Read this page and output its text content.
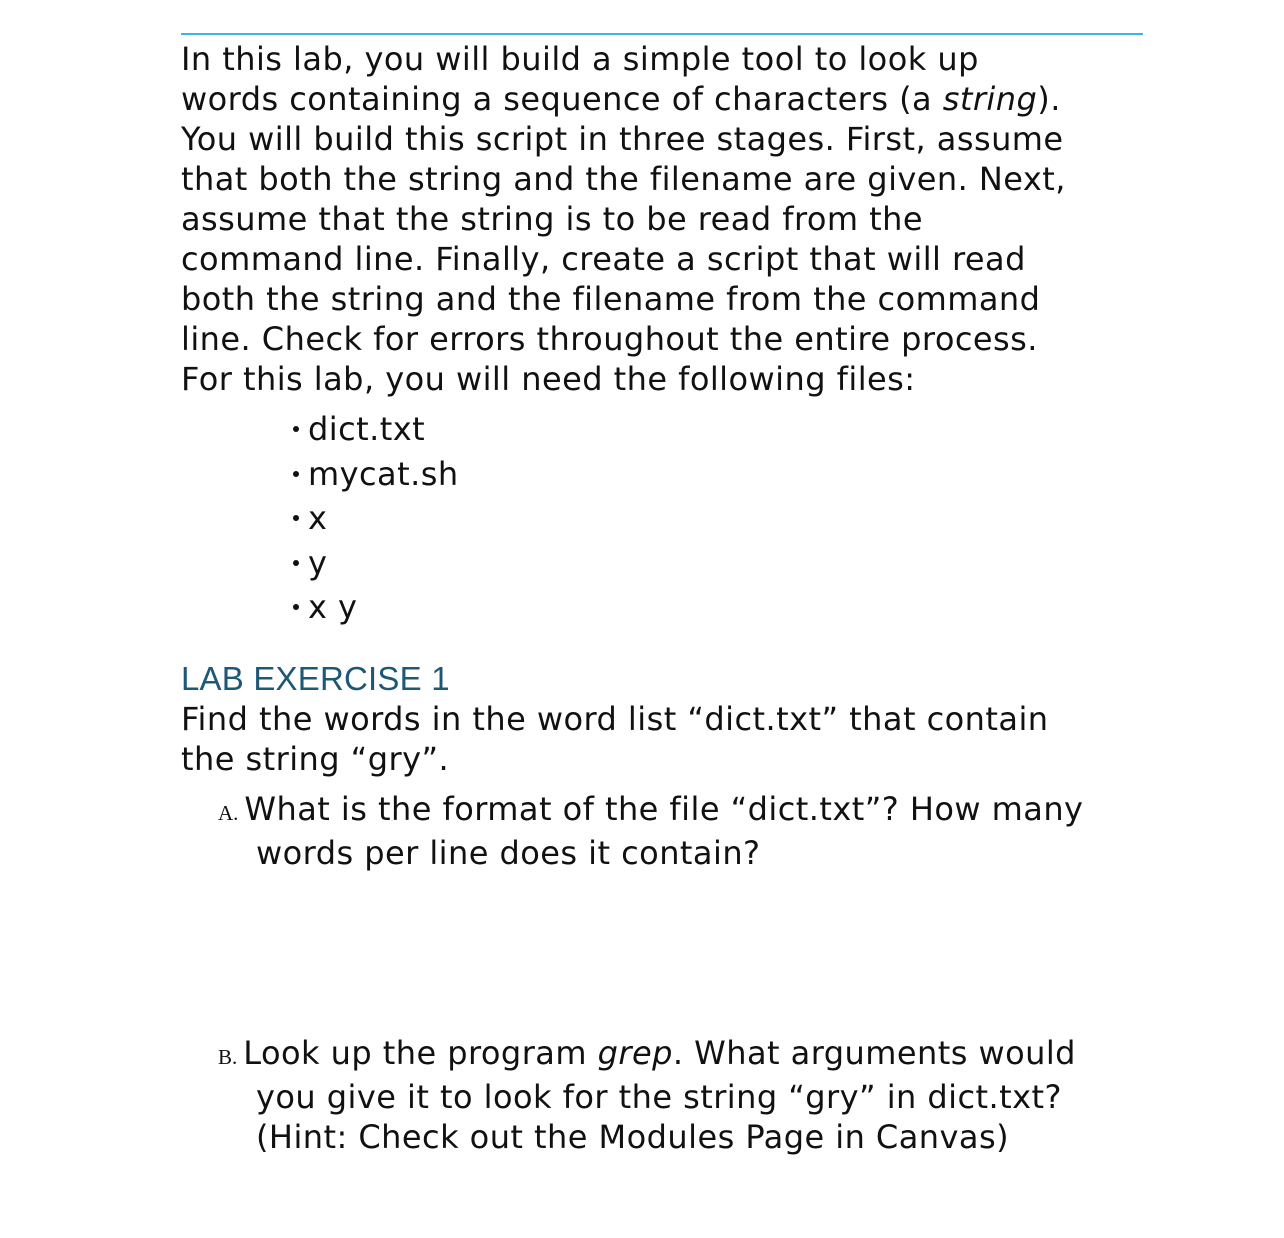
In this lab, you will build a simple tool to look up
words containing a sequence of characters (a string).
You will build this script in three stages. First, assume
that both the string and the filename are given. Next,
assume that the string is to be read from the
command line. Finally, create a script that will read
both the string and the filename from the command
line. Check for errors throughout the entire process.
For this lab, you will need the following files:

dict.txt
mycat.sh
x
y
x y
LAB EXERCISE 1

Find the words in the word list “dict.txt” that contain
the string “gry”.

A. What is the format of the file “dict.txt”? How many
words per line does it contain?

B. Look up the program grep. What arguments would
you give it to look for the string “gry” in dict.txt?
(Hint: Check out the Modules Page in Canvas)
